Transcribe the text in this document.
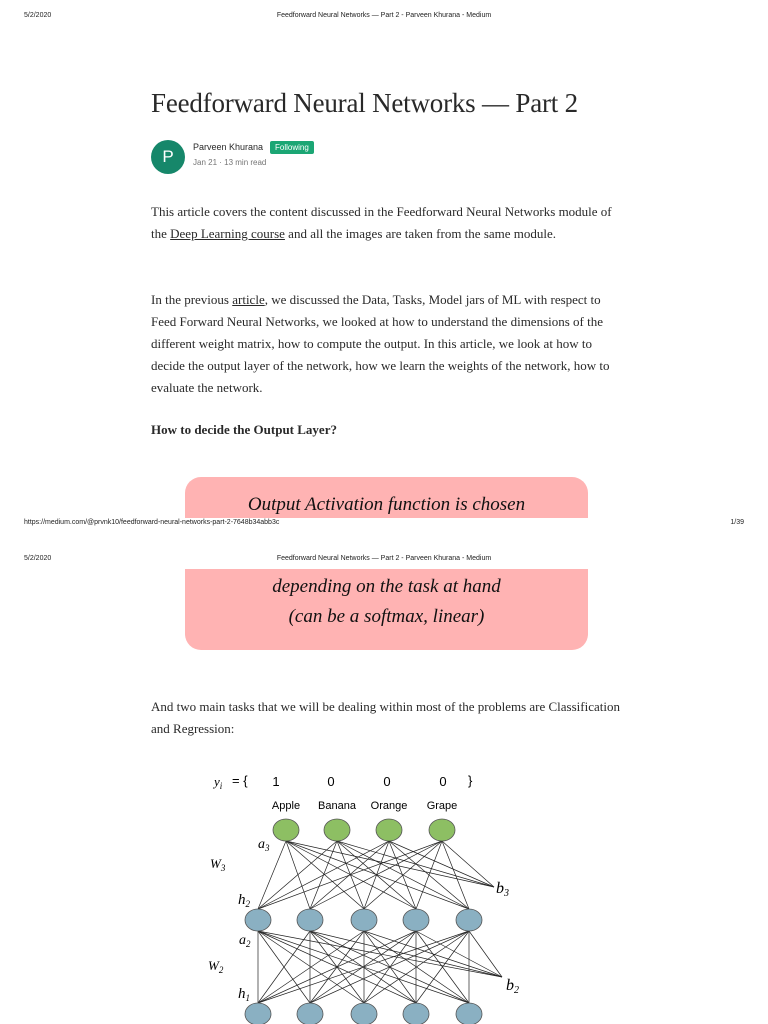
5/2/2020	Feedforward Neural Networks — Part 2 - Parveen Khurana - Medium
Feedforward Neural Networks — Part 2
P Parveen Khurana	Following
Jan 21 · 13 min read

This article covers the content discussed in the Feedforward Neural Networks module of the Deep Learning course and all the images are taken from the same module.

In the previous article, we discussed the Data, Tasks, Model jars of ML with respect to Feed Forward Neural Networks, we looked at how to understand the dimensions of the different weight matrix, how to compute the output. In this article, we look at how to decide the output layer of the network, how we learn the weights of the network, how to evaluate the network.

How to decide the Output Layer?

Output Activation function is chosen
https://medium.com/@prvnk10/feedforward-neural-networks-part-2-7648b34abb3c	1/39
5/2/2020	Feedforward Neural Networks — Part 2 - Parveen Khurana - Medium
depending on the task at hand
(can be a softmax, linear)

And two main tasks that we will be dealing within most of the problems are Classification and Regression:

$y_i$ = {	}
1	0	0	0
Apple Banana Orange Grape
$a_3$
$W_3$
b3
$h_2$
$a_2$
$W_2$
b2
$h_1$
